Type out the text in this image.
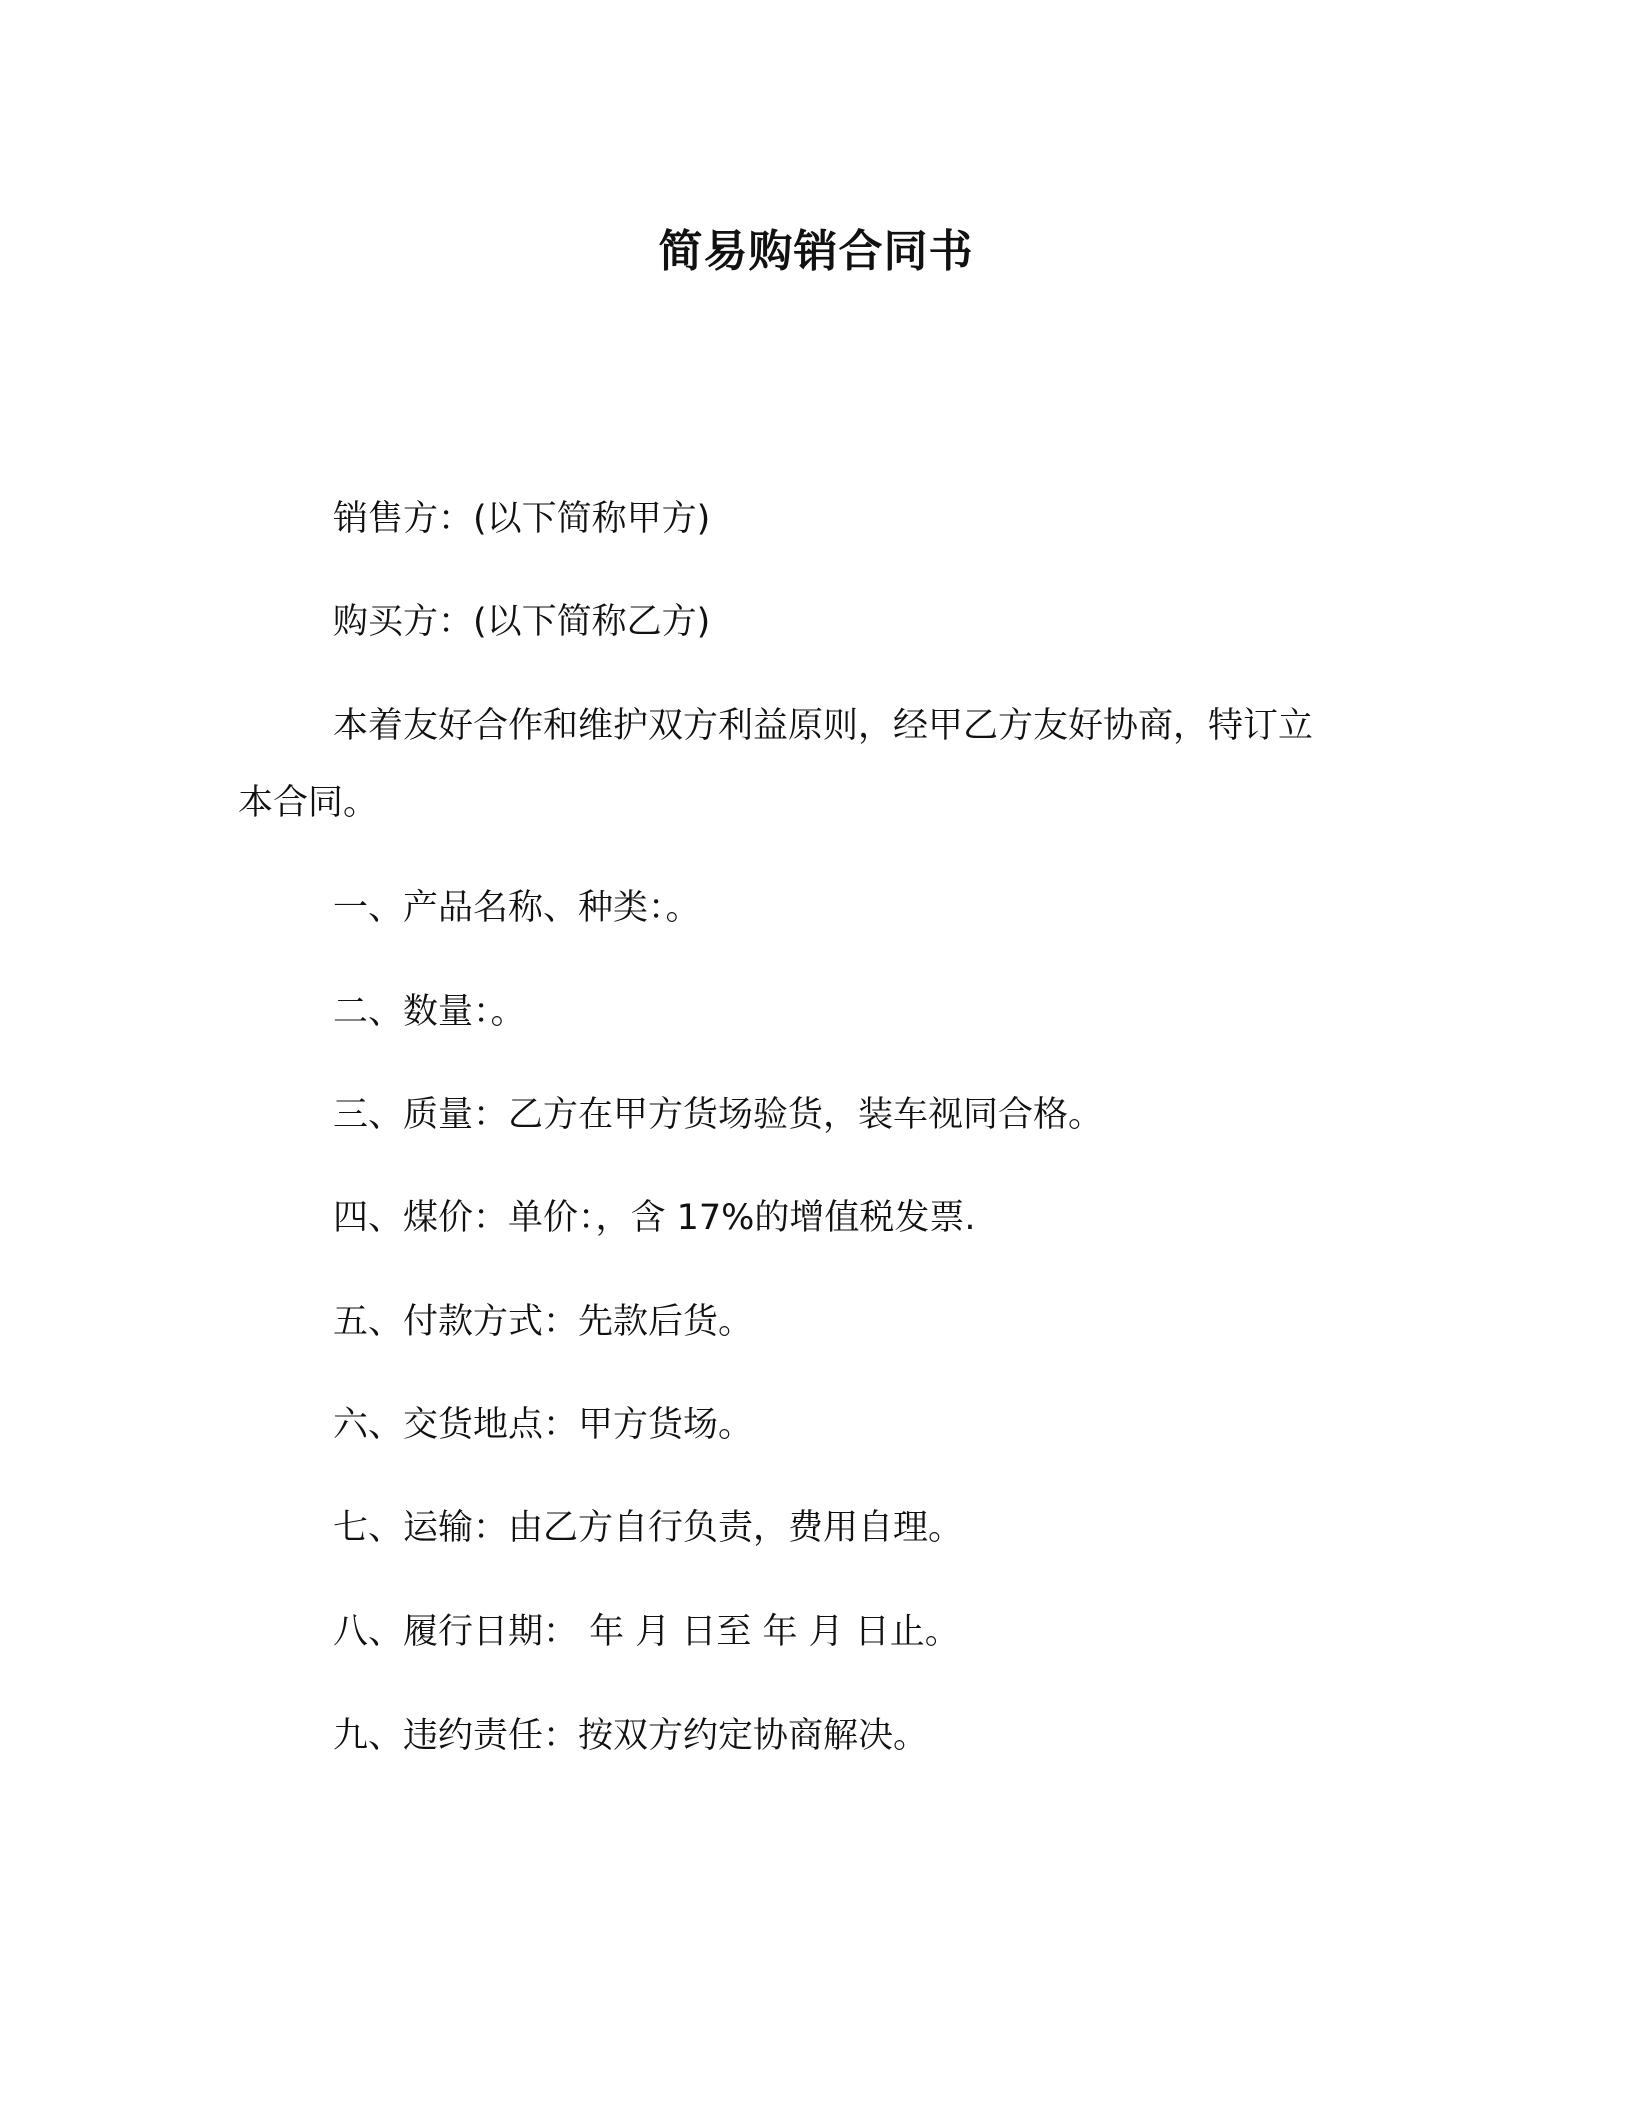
简易购销合同书
销售方：(以下简称甲方)
购买方：(以下简称乙方)
本着友好合作和维护双方利益原则，经甲乙方友好协商，特订立
本合同。
一、产品名称、种类：。
二、数量：。
三、质量：乙方在甲方货场验货，装车视同合格。
四、煤价：单价：，含 17%的增值税发票.
五、付款方式：先款后货。
六、交货地点：甲方货场。
七、运输：由乙方自行负责，费用自理。
八、履行日期： 年 月 日至 年 月 日止。
九、违约责任：按双方约定协商解决。
